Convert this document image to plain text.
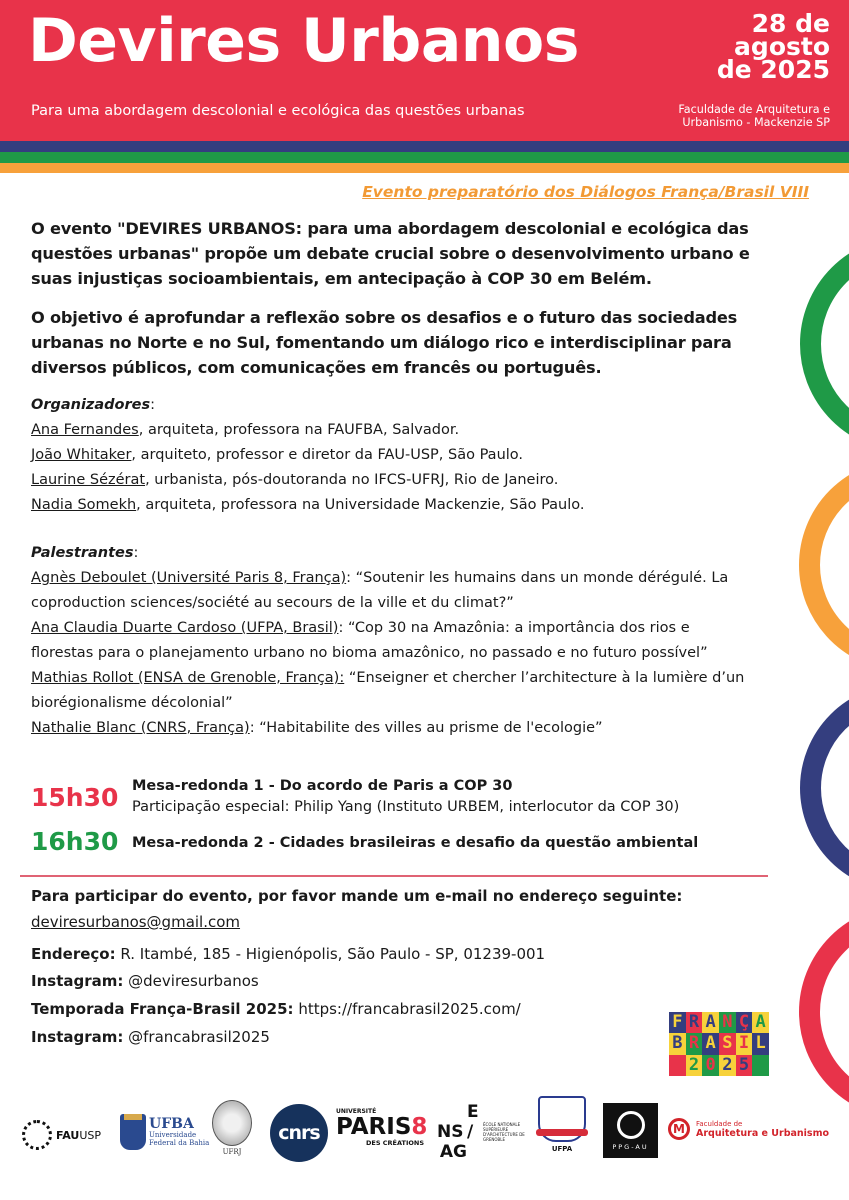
Devires Urbanos
Para uma abordagem descolonial e ecológica das questões urbanas
28 de
agosto
de 2025
Faculdade de Arquitetura e
Urbanismo - Mackenzie SP
Evento preparatório dos Diálogos França/Brasil VIII
O evento "DEVIRES URBANOS: para uma abordagem descolonial e ecológica das questões urbanas" propõe um debate crucial sobre o desenvolvimento urbano e suas injustiças socioambientais, em antecipação à COP 30 em Belém.
O objetivo é aprofundar a reflexão sobre os desafios e o futuro das sociedades urbanas no Norte e no Sul, fomentando um diálogo rico e interdisciplinar para diversos públicos, com comunicações em francês ou português.
Organizadores:
Ana Fernandes, arquiteta, professora na FAUFBA, Salvador.
João Whitaker, arquiteto, professor e diretor da FAU-USP, São Paulo.
Laurine Sézérat, urbanista, pós-doutoranda no IFCS-UFRJ, Rio de Janeiro.
Nadia Somekh, arquiteta, professora na Universidade Mackenzie, São Paulo.
Palestrantes:
Agnès Deboulet (Université Paris 8, França): “Soutenir les humains dans un monde dérégulé. La coproduction sciences/société au secours de la ville et du climat?”
Ana Claudia Duarte Cardoso (UFPA, Brasil): “Cop 30 na Amazônia: a importância dos rios e florestas para o planejamento urbano no bioma amazônico, no passado e no futuro possível”
Mathias Rollot (ENSA de Grenoble, França): “Enseigner et chercher l’architecture à la lumière d’un biorégionalisme décolonial”
Nathalie Blanc (CNRS, França): “Habitabilite des villes au prisme de l'ecologie”
15h30 Mesa-redonda 1 - Do acordo de Paris a COP 30
Participação especial: Philip Yang (Instituto URBEM, interlocutor da COP 30)
16h30 Mesa-redonda 2 - Cidades brasileiras e desafio da questão ambiental
Para participar do evento, por favor mande um e-mail no endereço seguinte:
deviresurbanos@gmail.com
Endereço: R. Itambé, 185 - Higienópolis, São Paulo - SP, 01239-001
Instagram: @deviresurbanos
Temporada França-Brasil 2025: https://francabrasil2025.com/
Instagram: @francabrasil2025
F R A N Ç A
B R A S I L
2 0 2 5
FAUUSP
UFBA
Universidade
Federal da Bahia
UFRJ
cnrs
UNIVERSITÉ
PARIS8
DES CRÉATIONS
E
NS /
AG
ÉCOLE NATIONALE SUPÉRIEURE D'ARCHITECTURE DE GRENOBLE
UFPA	PPG-AU
M	Faculdade de
Arquitetura e Urbanismo
